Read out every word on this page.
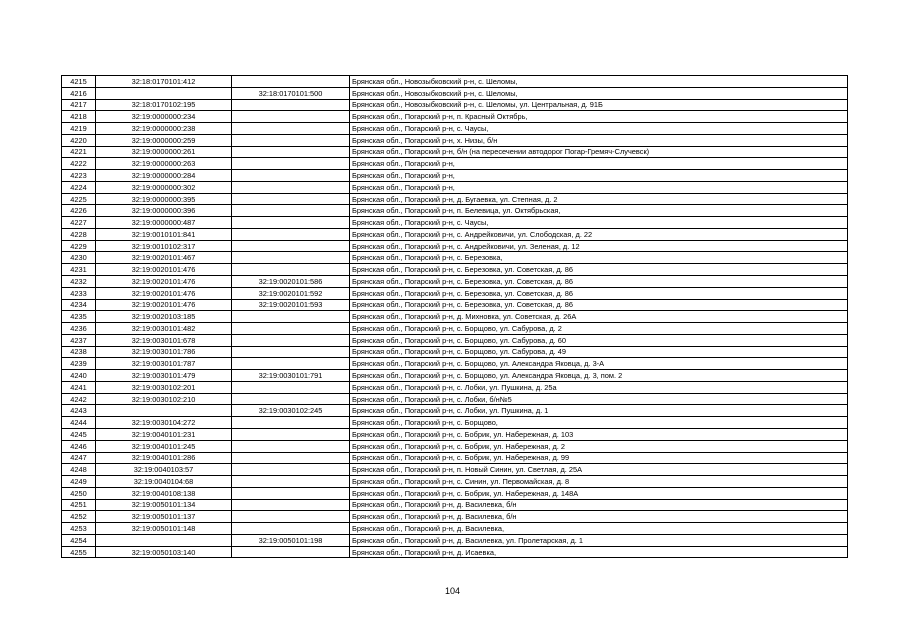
4215	32:18:0170101:412		Брянская обл., Новозыбковский р-н, с. Шеломы,
4216		32:18:0170101:500	Брянская обл., Новозыбковский р-н, с. Шеломы,
4217	32:18:0170102:195		Брянская обл., Новозыбковский р-н, с. Шеломы, ул. Центральная, д. 91Б
4218	32:19:0000000:234		Брянская обл., Погарский р-н, п. Красный Октябрь,
4219	32:19:0000000:238		Брянская обл., Погарский р-н, с. Чаусы,
4220	32:19:0000000:259		Брянская обл., Погарский р-н, х. Низы, б/н
4221	32:19:0000000:261		Брянская обл., Погарский р-н, б/н (на пересечении автодорог Погар-Гремяч-Случевск)
4222	32:19:0000000:263		Брянская обл., Погарский р-н,
4223	32:19:0000000:284		Брянская обл., Погарский р-н,
4224	32:19:0000000:302		Брянская обл., Погарский р-н,
4225	32:19:0000000:395		Брянская обл., Погарский р-н, д. Бугаевка, ул. Степная, д. 2
4226	32:19:0000000:396		Брянская обл., Погарский р-н, п. Белевица, ул. Октябрьская,
4227	32:19:0000000:487		Брянская обл., Погарский р-н, с. Чаусы,
4228	32:19:0010101:841		Брянская обл., Погарский р-н, с. Андрейковичи, ул. Слободская, д. 22
4229	32:19:0010102:317		Брянская обл., Погарский р-н, с. Андрейковичи, ул. Зеленая, д. 12
4230	32:19:0020101:467		Брянская обл., Погарский р-н, с. Березовка,
4231	32:19:0020101:476		Брянская обл., Погарский р-н, с. Березовка, ул. Советская, д. 86
4232	32:19:0020101:476	32:19:0020101:586	Брянская обл., Погарский р-н, с. Березовка, ул. Советская, д. 86
4233	32:19:0020101:476	32:19:0020101:592	Брянская обл., Погарский р-н, с. Березовка, ул. Советская, д. 86
4234	32:19:0020101:476	32:19:0020101:593	Брянская обл., Погарский р-н, с. Березовка, ул. Советская, д. 86
4235	32:19:0020103:185		Брянская обл., Погарский р-н, д. Михновка, ул. Советская, д. 26А
4236	32:19:0030101:482		Брянская обл., Погарский р-н, с. Борщово, ул. Сабурова, д. 2
4237	32:19:0030101:678		Брянская обл., Погарский р-н, с. Борщово, ул. Сабурова, д. 60
4238	32:19:0030101:786		Брянская обл., Погарский р-н, с. Борщово, ул. Сабурова, д. 49
4239	32:19:0030101:787		Брянская обл., Погарский р-н, с. Борщово, ул. Александра Яковца, д. 3-А
4240	32:19:0030101:479	32:19:0030101:791	Брянская обл., Погарский р-н, с. Борщово, ул. Александра Яковца, д. 3, пом. 2
4241	32:19:0030102:201		Брянская обл., Погарский р-н, с. Лобки, ул. Пушкина, д. 25а
4242	32:19:0030102:210		Брянская обл., Погарский р-н, с. Лобки, б/н№5
4243		32:19:0030102:245	Брянская обл., Погарский р-н, с. Лобки, ул. Пушкина, д. 1
4244	32:19:0030104:272		Брянская обл., Погарский р-н, с. Борщово,
4245	32:19:0040101:231		Брянская обл., Погарский р-н, с. Бобрик, ул. Набережная, д. 103
4246	32:19:0040101:245		Брянская обл., Погарский р-н, с. Бобрик, ул. Набережная, д. 2
4247	32:19:0040101:286		Брянская обл., Погарский р-н, с. Бобрик, ул. Набережная, д. 99
4248	32:19:0040103:57		Брянская обл., Погарский р-н, п. Новый Синин, ул. Светлая, д. 25А
4249	32:19:0040104:68		Брянская обл., Погарский р-н, с. Синин, ул. Первомайская, д. 8
4250	32:19:0040108:138		Брянская обл., Погарский р-н, с. Бобрик, ул. Набережная, д. 148А
4251	32:19:0050101:134		Брянская обл., Погарский р-н, д. Василевка, б/н
4252	32:19:0050101:137		Брянская обл., Погарский р-н, д. Василевка, б/н
4253	32:19:0050101:148		Брянская обл., Погарский р-н, д. Василевка,
4254		32:19:0050101:198	Брянская обл., Погарский р-н, д. Василевка, ул. Пролетарская, д. 1
4255	32:19:0050103:140		Брянская обл., Погарский р-н, д. Исаевка,
104
